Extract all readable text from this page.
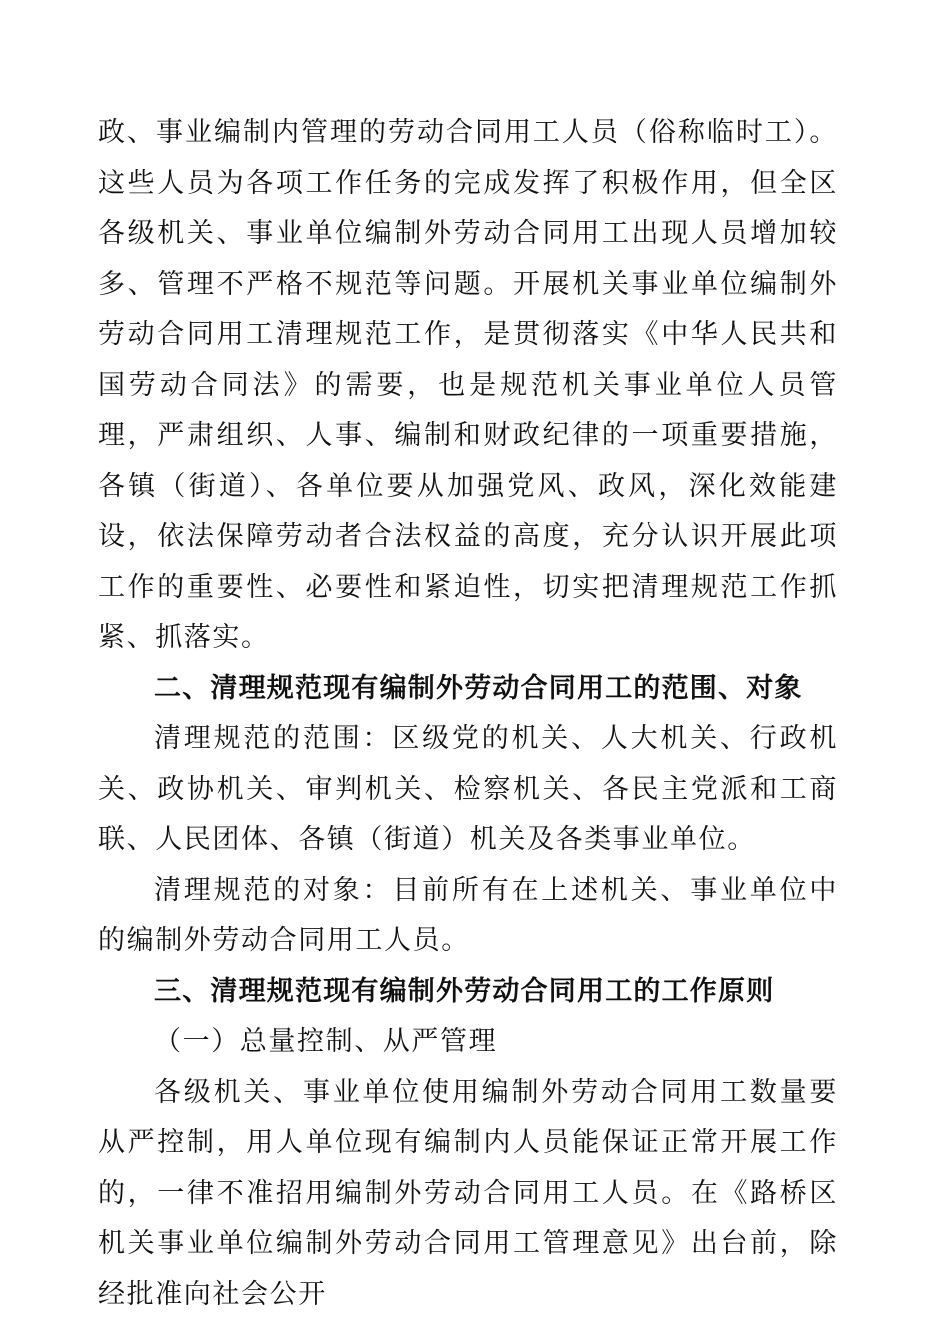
政、事业编制内管理的劳动合同用工人员（俗称临时工）。这些人员为各项工作任务的完成发挥了积极作用，但全区各级机关、事业单位编制外劳动合同用工出现人员增加较多、管理不严格不规范等问题。开展机关事业单位编制外劳动合同用工清理规范工作，是贯彻落实《中华人民共和国劳动合同法》的需要，也是规范机关事业单位人员管理，严肃组织、人事、编制和财政纪律的一项重要措施，各镇（街道）、各单位要从加强党风、政风，深化效能建设，依法保障劳动者合法权益的高度，充分认识开展此项工作的重要性、必要性和紧迫性，切实把清理规范工作抓紧、抓落实。

二、清理规范现有编制外劳动合同用工的范围、对象

清理规范的范围：区级党的机关、人大机关、行政机关、政协机关、审判机关、检察机关、各民主党派和工商联、人民团体、各镇（街道）机关及各类事业单位。

清理规范的对象：目前所有在上述机关、事业单位中的编制外劳动合同用工人员。

三、清理规范现有编制外劳动合同用工的工作原则

（一）总量控制、从严管理

各级机关、事业单位使用编制外劳动合同用工数量要从严控制，用人单位现有编制内人员能保证正常开展工作的，一律不准招用编制外劳动合同用工人员。在《路桥区机关事业单位编制外劳动合同用工管理意见》出台前，除经批准向社会公开
